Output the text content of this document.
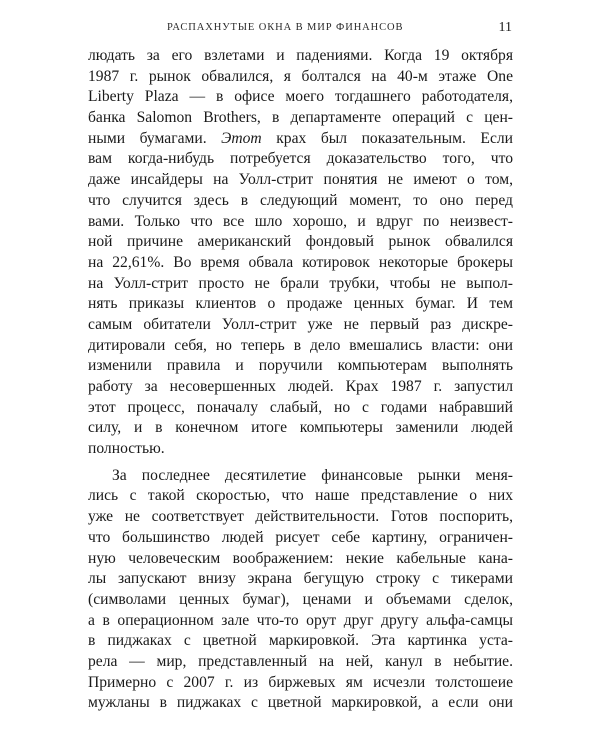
РАСПАХНУТЫЕ ОКНА В МИР ФИНАНСОВ	11
людать за его взлетами и падениями. Когда 19 октября
1987 г. рынок обвалился, я болтался на 40-м этаже One
Liberty Plaza — в офисе моего тогдашнего работодателя,
банка Salomon Brothers, в департаменте операций с цен-
ными бумагами. Этот крах был показательным. Если
вам когда-нибудь потребуется доказательство того, что
даже инсайдеры на Уолл-стрит понятия не имеют о том,
что случится здесь в следующий момент, то оно перед
вами. Только что все шло хорошо, и вдруг по неизвест-
ной причине американский фондовый рынок обвалился
на 22,61%. Во время обвала котировок некоторые брокеры
на Уолл-стрит просто не брали трубки, чтобы не выпол-
нять приказы клиентов о продаже ценных бумаг. И тем
самым обитатели Уолл-стрит уже не первый раз дискре-
дитировали себя, но теперь в дело вмешались власти: они
изменили правила и поручили компьютерам выполнять
работу за несовершенных людей. Крах 1987 г. запустил
этот процесс, поначалу слабый, но с годами набравший
силу, и в конечном итоге компьютеры заменили людей
полностью.
За последнее десятилетие финансовые рынки меня-
лись с такой скоростью, что наше представление о них
уже не соответствует действительности. Готов поспорить,
что большинство людей рисует себе картину, ограничен-
ную человеческим воображением: некие кабельные кана-
лы запускают внизу экрана бегущую строку с тикерами
(символами ценных бумаг), ценами и объемами сделок,
а в операционном зале что-то орут друг другу альфа-самцы
в пиджаках с цветной маркировкой. Эта картинка уста-
рела — мир, представленный на ней, канул в небытие.
Примерно с 2007 г. из биржевых ям исчезли толстошеие
мужланы в пиджаках с цветной маркировкой, а если они
